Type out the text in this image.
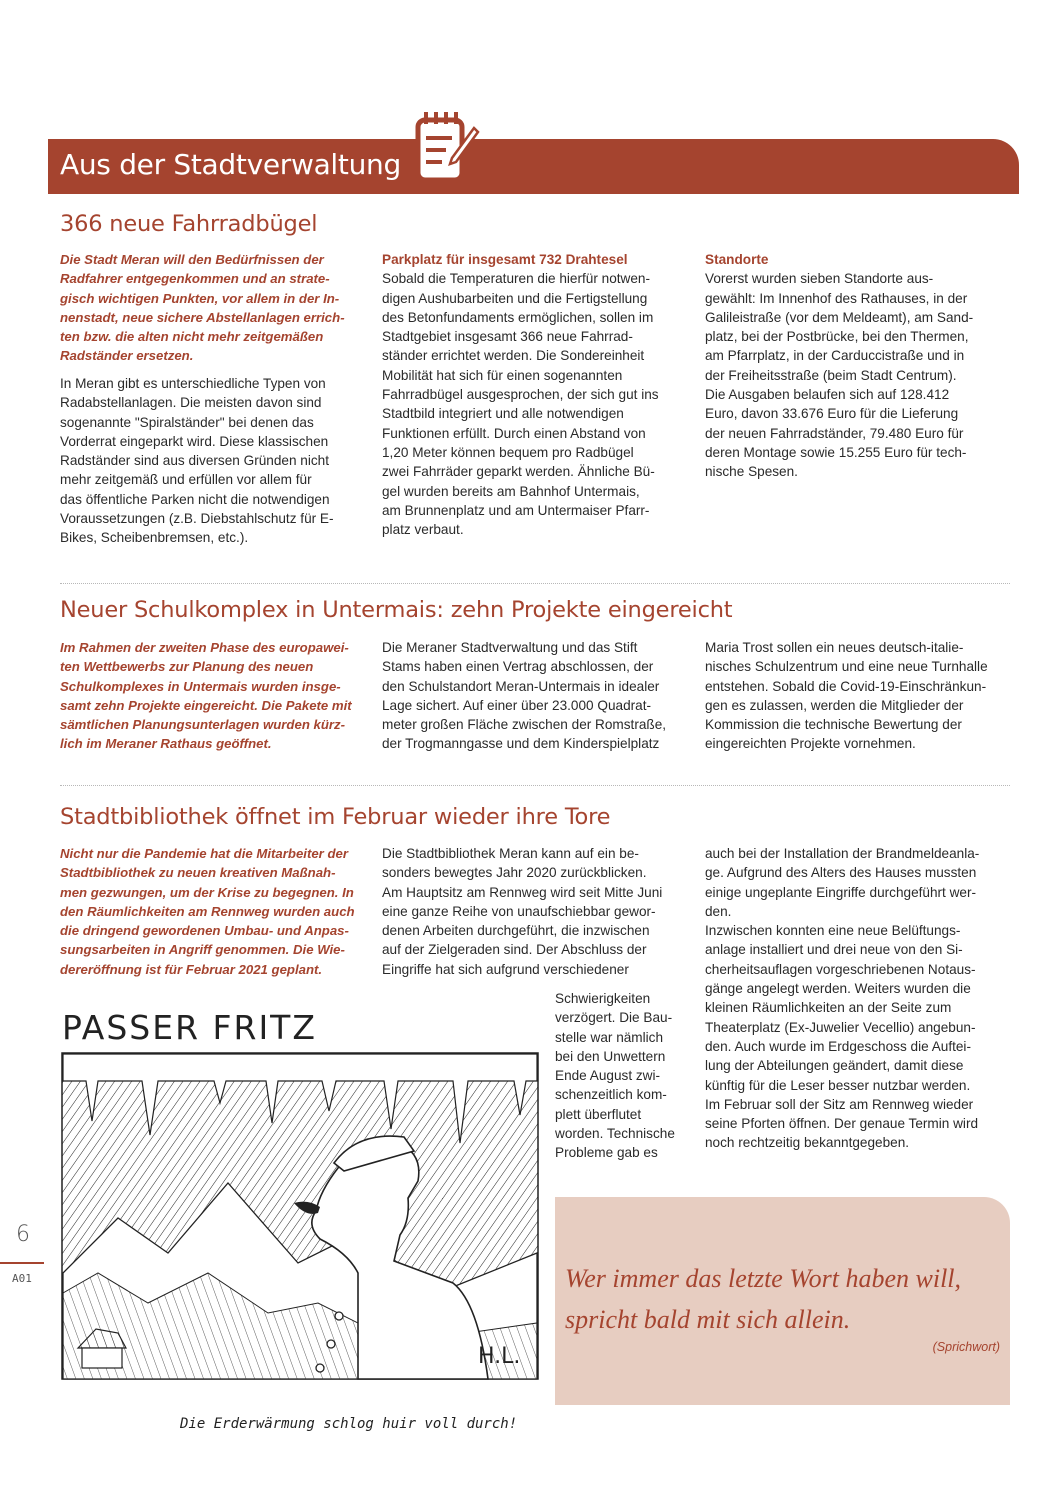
Aus der Stadtverwaltung
366 neue Fahrradbügel
Die Stadt Meran will den Bedürfnissen der
Radfahrer entgegenkommen und an strate-
gisch wichtigen Punkten, vor allem in der In-
nenstadt, neue sichere Abstellanlagen errich-
ten bzw. die alten nicht mehr zeitgemäßen
Radständer ersetzen.
In Meran gibt es unterschiedliche Typen von
Radabstellanlagen. Die meisten davon sind
sogenannte "Spiralständer" bei denen das
Vorderrat eingeparkt wird. Diese klassischen
Radständer sind aus diversen Gründen nicht
mehr zeitgemäß und erfüllen vor allem für
das öffentliche Parken nicht die notwendigen
Voraussetzungen (z.B. Diebstahlschutz für E-
Bikes, Scheibenbremsen, etc.).
Parkplatz für insgesamt 732 Drahtesel
Sobald die Temperaturen die hierfür notwen-
digen Aushubarbeiten und die Fertigstellung
des Betonfundaments ermöglichen, sollen im
Stadtgebiet insgesamt 366 neue Fahrrad-
ständer errichtet werden. Die Sondereinheit
Mobilität hat sich für einen sogenannten
Fahrradbügel ausgesprochen, der sich gut ins
Stadtbild integriert und alle notwendigen
Funktionen erfüllt. Durch einen Abstand von
1,20 Meter können bequem pro Radbügel
zwei Fahrräder geparkt werden. Ähnliche Bü-
gel wurden bereits am Bahnhof Untermais,
am Brunnenplatz und am Untermaiser Pfarr-
platz verbaut.
Standorte
Vorerst wurden sieben Standorte aus-
gewählt: Im Innenhof des Rathauses, in der
Galileistraße (vor dem Meldeamt), am Sand-
platz, bei der Postbrücke, bei den Thermen,
am Pfarrplatz, in der Carduccistraße und in
der Freiheitsstraße (beim Stadt Centrum).
Die Ausgaben belaufen sich auf 128.412
Euro, davon 33.676 Euro für die Lieferung
der neuen Fahrradständer, 79.480 Euro für
deren Montage sowie 15.255 Euro für tech-
nische Spesen.
Neuer Schulkomplex in Untermais: zehn Projekte eingereicht
Im Rahmen der zweiten Phase des europawei-
ten Wettbewerbs zur Planung des neuen
Schulkomplexes in Untermais wurden insge-
samt zehn Projekte eingereicht. Die Pakete mit
sämtlichen Planungsunterlagen wurden kürz-
lich im Meraner Rathaus geöffnet.
Die Meraner Stadtverwaltung und das Stift
Stams haben einen Vertrag abschlossen, der
den Schulstandort Meran-Untermais in idealer
Lage sichert. Auf einer über 23.000 Quadrat-
meter großen Fläche zwischen der Romstraße,
der Trogmanngasse und dem Kinderspielplatz
Maria Trost sollen ein neues deutsch-italie-
nisches Schulzentrum und eine neue Turnhalle
entstehen. Sobald die Covid-19-Einschränkun-
gen es zulassen, werden die Mitglieder der
Kommission die technische Bewertung der
eingereichten Projekte vornehmen.
Stadtbibliothek öffnet im Februar wieder ihre Tore
Nicht nur die Pandemie hat die Mitarbeiter der
Stadtbibliothek zu neuen kreativen Maßnah-
men gezwungen, um der Krise zu begegnen. In
den Räumlichkeiten am Rennweg wurden auch
die dringend gewordenen Umbau- und Anpas-
sungsarbeiten in Angriff genommen. Die Wie-
dereröffnung ist für Februar 2021 geplant.
Die Stadtbibliothek Meran kann auf ein be-
sonders bewegtes Jahr 2020 zurückblicken.
Am Hauptsitz am Rennweg wird seit Mitte Juni
eine ganze Reihe von unaufschiebbar gewor-
denen Arbeiten durchgeführt, die inzwischen
auf der Zielgeraden sind. Der Abschluss der
Eingriffe hat sich aufgrund verschiedener
Schwierigkeiten
verzögert. Die Bau-
stelle war nämlich
bei den Unwettern
Ende August zwi-
schenzeitlich kom-
plett überflutet
worden. Technische
Probleme gab es
auch bei der Installation der Brandmeldeanla-
ge. Aufgrund des Alters des Hauses mussten
einige ungeplante Eingriffe durchgeführt wer-
den.
Inzwischen konnten eine neue Belüftungs-
anlage installiert und drei neue von den Si-
cherheitsauflagen vorgeschriebenen Notaus-
gänge angelegt werden. Weiters wurden die
kleinen Räumlichkeiten an der Seite zum
Theaterplatz (Ex-Juwelier Vecellio) angebun-
den. Auch wurde im Erdgeschoss die Auftei-
lung der Abteilungen geändert, damit diese
künftig für die Leser besser nutzbar werden.
Im Februar soll der Sitz am Rennweg wieder
seine Pforten öffnen. Der genaue Termin wird
noch rechtzeitig bekanntgegeben.
PASSER FRITZ
H.L.
Die Erderwärmung schlog huir voll durch!
Wer immer das letzte Wort haben will,
spricht bald mit sich allein.
(Sprichwort)
6
A01
